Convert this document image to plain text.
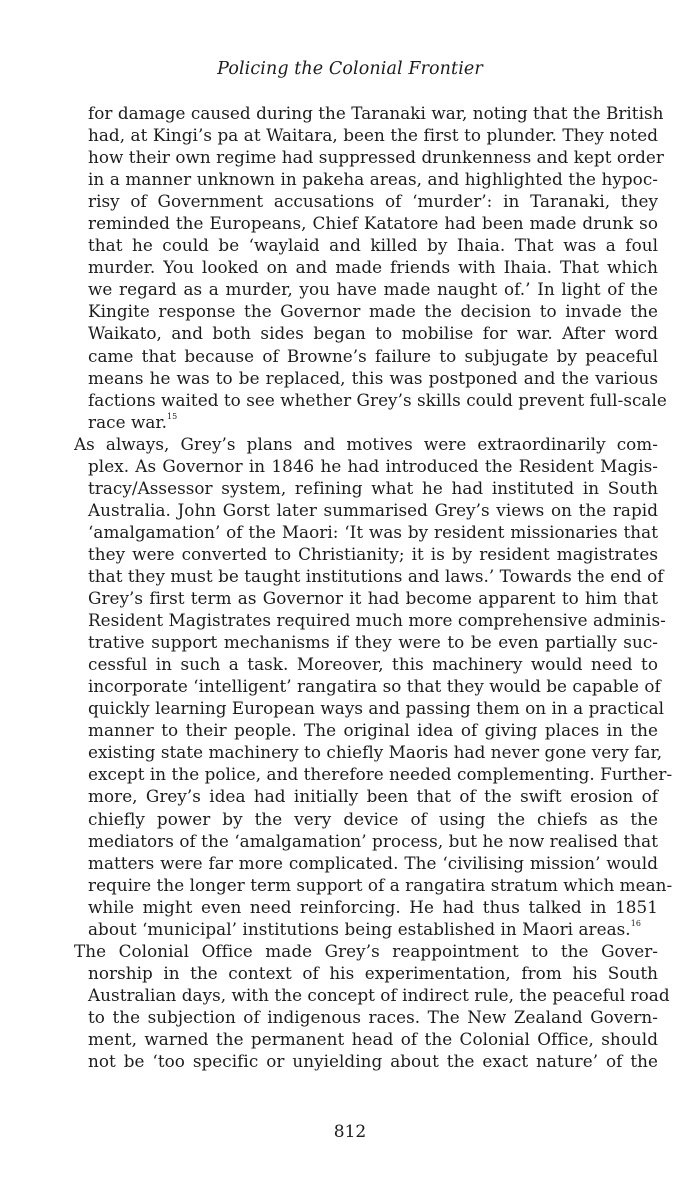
Policing the Colonial Frontier

for damage caused during the Taranaki war, noting that the British
had, at Kingi’s pa at Waitara, been the first to plunder. They noted
how their own regime had suppressed drunkenness and kept order
in a manner unknown in pakeha areas, and highlighted the hypoc-
risy of Government accusations of ‘murder’: in Taranaki, they
reminded the Europeans, Chief Katatore had been made drunk so
that he could be ‘waylaid and killed by Ihaia. That was a foul
murder. You looked on and made friends with Ihaia. That which
we regard as a murder, you have made naught of.’ In light of the
Kingite response the Governor made the decision to invade the
Waikato, and both sides began to mobilise for war. After word
came that because of Browne’s failure to subjugate by peaceful
means he was to be replaced, this was postponed and the various
factions waited to see whether Grey’s skills could prevent full-scale
race war.$^{15}$

As always, Grey’s plans and motives were extraordinarily com-
plex. As Governor in 1846 he had introduced the Resident Magis-
tracy/Assessor system, refining what he had instituted in South
Australia. John Gorst later summarised Grey’s views on the rapid
‘amalgamation’ of the Maori: ‘It was by resident missionaries that
they were converted to Christianity; it is by resident magistrates
that they must be taught institutions and laws.’ Towards the end of
Grey’s first term as Governor it had become apparent to him that
Resident Magistrates required much more comprehensive adminis-
trative support mechanisms if they were to be even partially suc-
cessful in such a task. Moreover, this machinery would need to
incorporate ‘intelligent’ rangatira so that they would be capable of
quickly learning European ways and passing them on in a practical
manner to their people. The original idea of giving places in the
existing state machinery to chiefly Maoris had never gone very far,
except in the police, and therefore needed complementing. Further-
more, Grey’s idea had initially been that of the swift erosion of
chiefly power by the very device of using the chiefs as the
mediators of the ‘amalgamation’ process, but he now realised that
matters were far more complicated. The ‘civilising mission’ would
require the longer term support of a rangatira stratum which mean-
while might even need reinforcing. He had thus talked in 1851
about ‘municipal’ institutions being established in Maori areas.$^{16}$

The Colonial Office made Grey’s reappointment to the Gover-
norship in the context of his experimentation, from his South
Australian days, with the concept of indirect rule, the peaceful road
to the subjection of indigenous races. The New Zealand Govern-
ment, warned the permanent head of the Colonial Office, should
not be ‘too specific or unyielding about the exact nature’ of the

812
